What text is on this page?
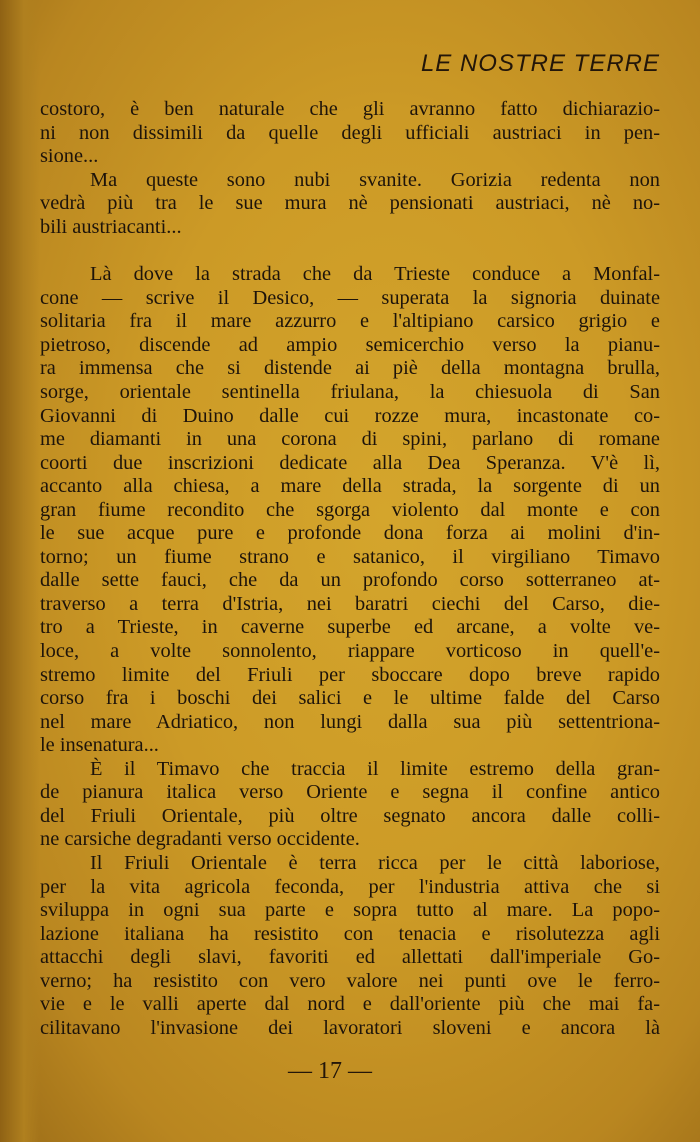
LE NOSTRE TERRE
costoro, è ben naturale che gli avranno fatto dichiarazio-
ni non dissimili da quelle degli ufficiali austriaci in pen-
sione...
Ma queste sono nubi svanite. Gorizia redenta non
vedrà più tra le sue mura nè pensionati austriaci, nè no-
bili austriacanti...
Là dove la strada che da Trieste conduce a Monfal-
cone — scrive il Desico, — superata la signoria duinate
solitaria fra il mare azzurro e l'altipiano carsico grigio e
pietroso, discende ad ampio semicerchio verso la pianu-
ra immensa che si distende ai piè della montagna brulla,
sorge, orientale sentinella friulana, la chiesuola di San
Giovanni di Duino dalle cui rozze mura, incastonate co-
me diamanti in una corona di spini, parlano di romane
coorti due inscrizioni dedicate alla Dea Speranza. V'è lì,
accanto alla chiesa, a mare della strada, la sorgente di un
gran fiume recondito che sgorga violento dal monte e con
le sue acque pure e profonde dona forza ai molini d'in-
torno; un fiume strano e satanico, il virgiliano Timavo
dalle sette fauci, che da un profondo corso sotterraneo at-
traverso a terra d'Istria, nei baratri ciechi del Carso, die-
tro a Trieste, in caverne superbe ed arcane, a volte ve-
loce, a volte sonnolento, riappare vorticoso in quell'e-
stremo limite del Friuli per sboccare dopo breve rapido
corso fra i boschi dei salici e le ultime falde del Carso
nel mare Adriatico, non lungi dalla sua più settentriona-
le insenatura...
È il Timavo che traccia il limite estremo della gran-
de pianura italica verso Oriente e segna il confine antico
del Friuli Orientale, più oltre segnato ancora dalle colli-
ne carsiche degradanti verso occidente.
Il Friuli Orientale è terra ricca per le città laboriose,
per la vita agricola feconda, per l'industria attiva che si
sviluppa in ogni sua parte e sopra tutto al mare. La popo-
lazione italiana ha resistito con tenacia e risolutezza agli
attacchi degli slavi, favoriti ed allettati dall'imperiale Go-
verno; ha resistito con vero valore nei punti ove le ferro-
vie e le valli aperte dal nord e dall'oriente più che mai fa-
cilitavano l'invasione dei lavoratori sloveni e ancora là
— 17 —
